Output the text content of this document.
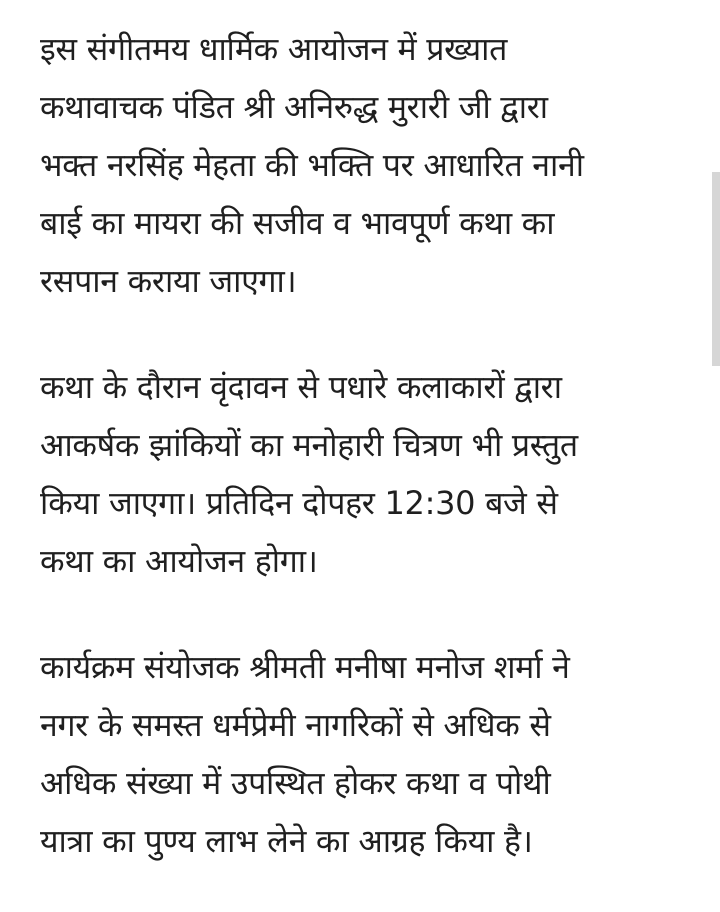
इस संगीतमय धार्मिक आयोजन में प्रख्यात
कथावाचक पंडित श्री अनिरुद्ध मुरारी जी द्वारा
भक्त नरसिंह मेहता की भक्ति पर आधारित नानी
बाई का मायरा की सजीव व भावपूर्ण कथा का
रसपान कराया जाएगा।

कथा के दौरान वृंदावन से पधारे कलाकारों द्वारा
आकर्षक झांकियों का मनोहारी चित्रण भी प्रस्तुत
किया जाएगा। प्रतिदिन दोपहर 12:30 बजे से
कथा का आयोजन होगा।

कार्यक्रम संयोजक श्रीमती मनीषा मनोज शर्मा ने
नगर के समस्त धर्मप्रेमी नागरिकों से अधिक से
अधिक संख्या में उपस्थित होकर कथा व पोथी
यात्रा का पुण्य लाभ लेने का आग्रह किया है।
